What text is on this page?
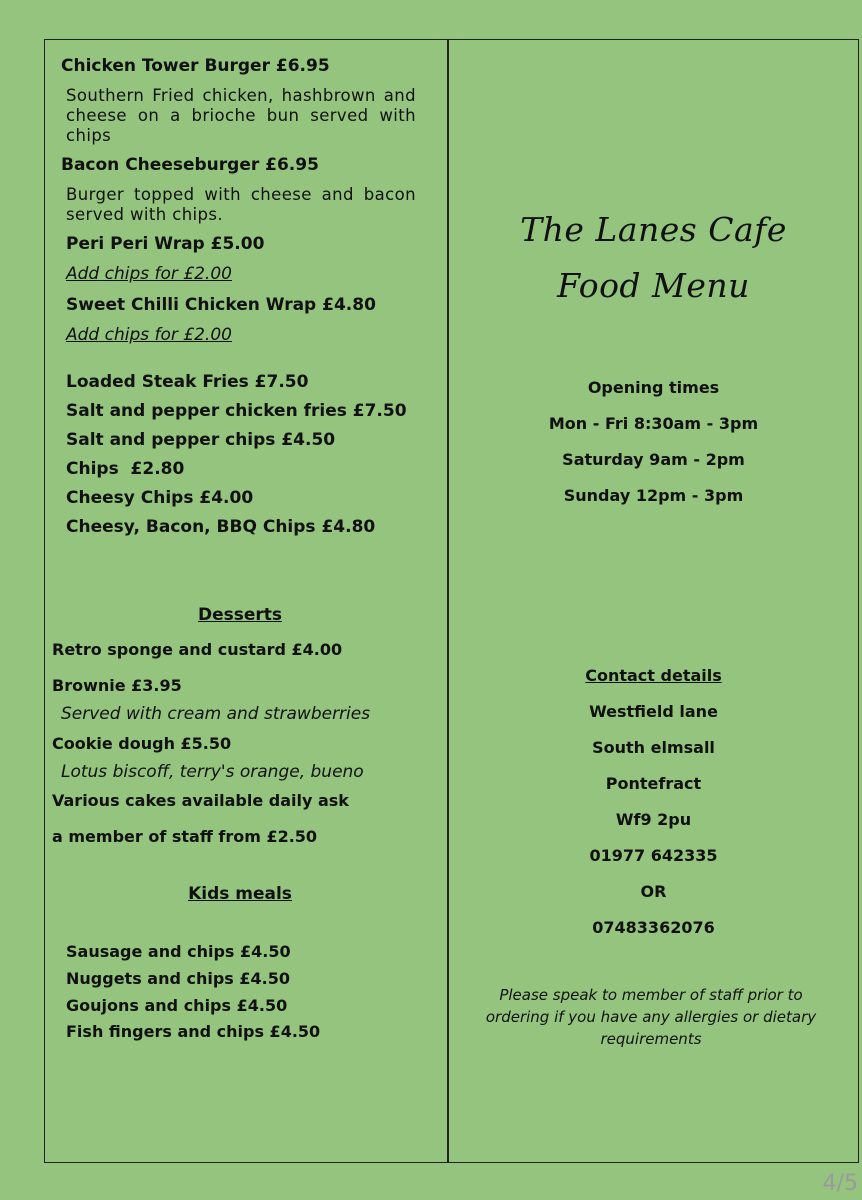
Chicken Tower Burger £6.95

Southern Fried chicken, hashbrown and cheese on a brioche bun served with chips

Bacon Cheeseburger £6.95

Burger topped with cheese and bacon served with chips.

Peri Peri Wrap £5.00

Add chips for £2.00

Sweet Chilli Chicken Wrap £4.80

Add chips for £2.00

Loaded Steak Fries £7.50

Salt and pepper chicken fries £7.50

Salt and pepper chips £4.50

Chips  £2.80

Cheesy Chips £4.00

Cheesy, Bacon, BBQ Chips £4.80

Desserts

Retro sponge and custard £4.00

Brownie £3.95

Served with cream and strawberries

Cookie dough £5.50

Lotus biscoff, terry's orange, bueno

Various cakes available daily ask

a member of staff from £2.50

Kids meals

Sausage and chips £4.50

Nuggets and chips £4.50

Goujons and chips £4.50

Fish fingers and chips £4.50

The Lanes Cafe

Food Menu

Opening times

Mon - Fri 8:30am - 3pm

Saturday 9am - 2pm

Sunday 12pm - 3pm

Contact details

Westfield lane

South elmsall

Pontefract

Wf9 2pu

01977 642335

OR

07483362076

Please speak to member of staff prior to ordering if you have any allergies or dietary requirements

4/5
